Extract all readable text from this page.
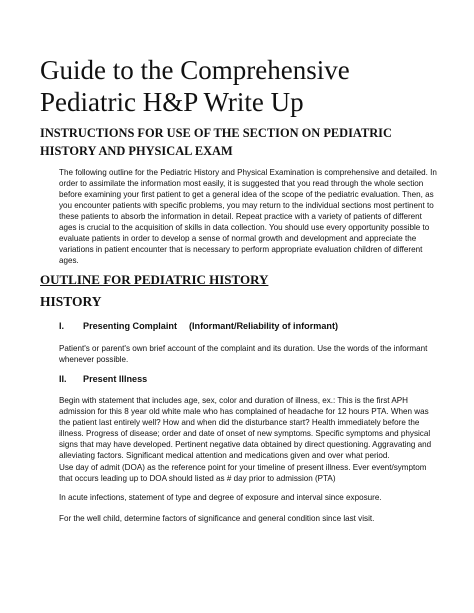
Guide to the Comprehensive Pediatric H&P Write Up
INSTRUCTIONS FOR USE OF THE SECTION ON PEDIATRIC HISTORY AND PHYSICAL EXAM

The following outline for the Pediatric History and Physical Examination is comprehensive and detailed. In order to assimilate the information most easily, it is suggested that you read through the whole section before examining your first patient to get a general idea of the scope of the pediatric evaluation. Then, as you encounter patients with specific problems, you may return to the individual sections most pertinent to these patients to absorb the information in detail. Repeat practice with a variety of patients of different ages is crucial to the acquisition of skills in data collection. You should use every opportunity possible to evaluate patients in order to develop a sense of normal growth and development and appreciate the variations in patient encounter that is necessary to perform appropriate evaluation children of different ages.

OUTLINE FOR PEDIATRIC HISTORY
HISTORY
I. Presenting Complaint (Informant/Reliability of informant)

Patient's or parent's own brief account of the complaint and its duration. Use the words of the informant whenever possible.

II. Present Illness

Begin with statement that includes age, sex, color and duration of illness, ex.: This is the first APH admission for this 8 year old white male who has complained of headache for 12 hours PTA. When was the patient last entirely well? How and when did the disturbance start? Health immediately before the illness. Progress of disease; order and date of onset of new symptoms. Specific symptoms and physical signs that may have developed. Pertinent negative data obtained by direct questioning. Aggravating and alleviating factors. Significant medical attention and medications given and over what period.

Use day of admit (DOA) as the reference point for your timeline of present illness. Ever event/symptom that occurs leading up to DOA should listed as # day prior to admission (PTA)

In acute infections, statement of type and degree of exposure and interval since exposure.

For the well child, determine factors of significance and general condition since last visit.
